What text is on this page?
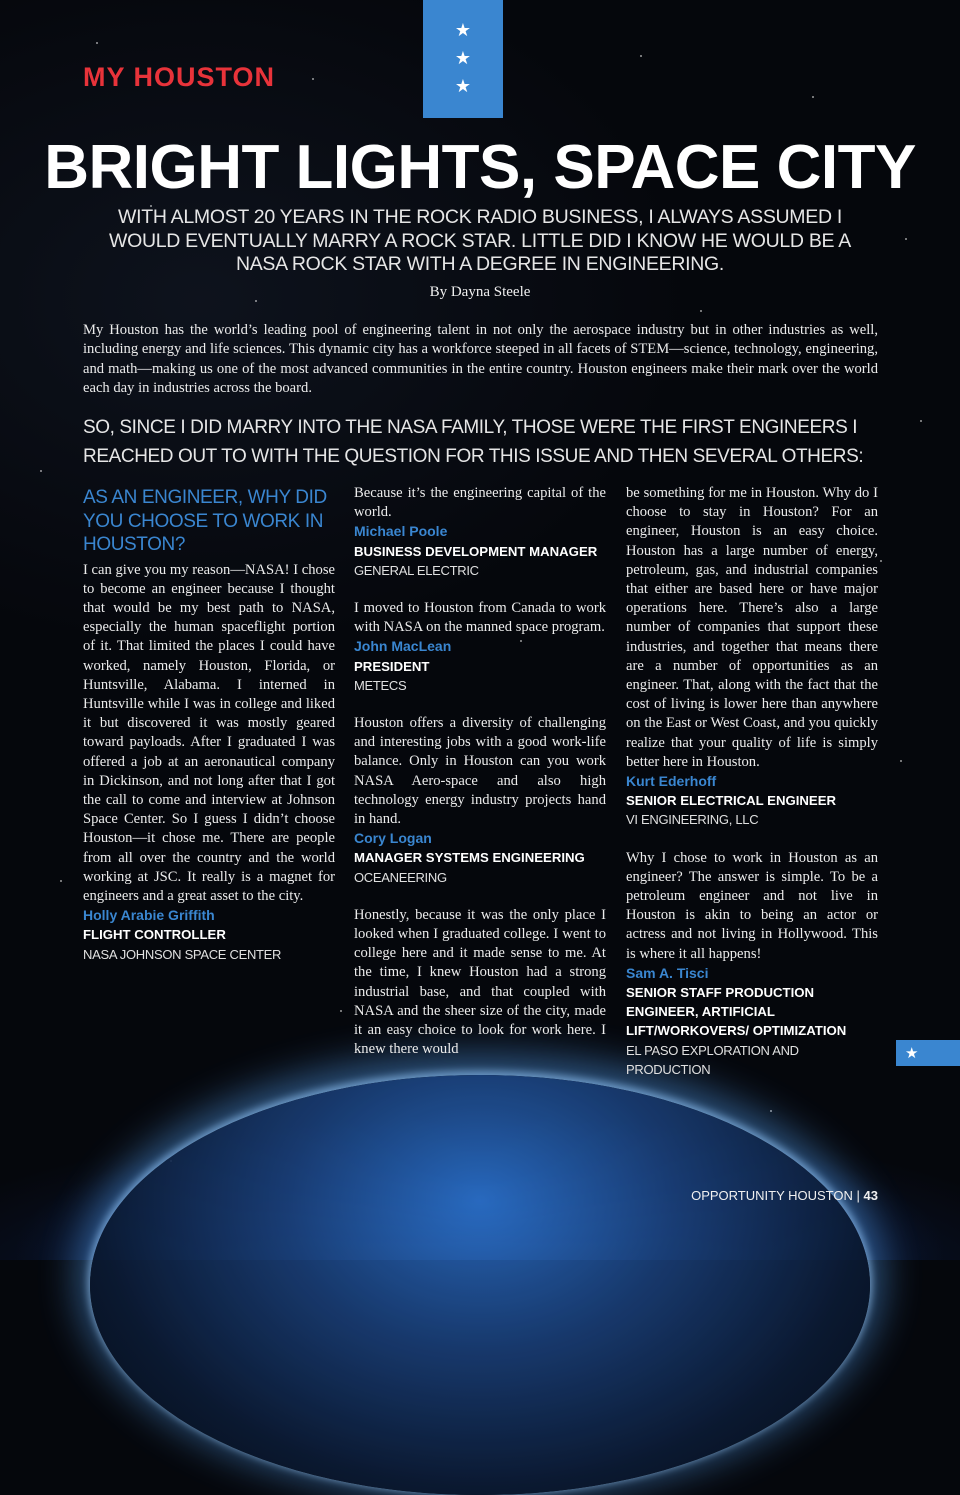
★
★
★
MY HOUSTON
BRIGHT LIGHTS, SPACE CITY
WITH ALMOST 20 YEARS IN THE ROCK RADIO BUSINESS, I ALWAYS ASSUMED I WOULD EVENTUALLY MARRY A ROCK STAR. LITTLE DID I KNOW HE WOULD BE A NASA ROCK STAR WITH A DEGREE IN ENGINEERING.
By Dayna Steele
My Houston has the world’s leading pool of engineering talent in not only the aerospace industry but in other industries as well, including energy and life sciences. This dynamic city has a workforce steeped in all facets of STEM—science, technology, engineering, and math—making us one of the most advanced communities in the entire country. Houston engineers make their mark over the world each day in industries across the board.
SO, SINCE I DID MARRY INTO THE NASA FAMILY, THOSE WERE THE FIRST ENGINEERS I REACHED OUT TO WITH THE QUESTION FOR THIS ISSUE AND THEN SEVERAL OTHERS:
AS AN ENGINEER, WHY DID YOU CHOOSE TO WORK IN HOUSTON?

I can give you my reason—NASA! I chose to become an engineer because I thought that would be my best path to NASA, especially the human spaceflight portion of it. That limited the places I could have worked, namely Houston, Florida, or Huntsville, Alabama. I interned in Huntsville while I was in college and liked it but discovered it was mostly geared toward payloads. After I graduated I was offered a job at an aeronautical company in Dickinson, and not long after that I got the call to come and interview at Johnson Space Center. So I guess I didn’t choose Houston—it chose me. There are people from all over the country and the world working at JSC. It really is a magnet for engineers and a great asset to the city.

Holly Arabie Griffith
FLIGHT CONTROLLER
NASA JOHNSON SPACE CENTER

Because it’s the engineering capital of the world.

Michael Poole
BUSINESS DEVELOPMENT MANAGER
GENERAL ELECTRIC

I moved to Houston from Canada to work with NASA on the manned space program.

John MacLean
PRESIDENT
METECS

Houston offers a diversity of challenging and interesting jobs with a good work-life balance. Only in Houston can you work NASA Aero-space and also high technology energy industry projects hand in hand.

Cory Logan
MANAGER SYSTEMS ENGINEERING
OCEANEERING

Honestly, because it was the only place I looked when I graduated college. I went to college here and it made sense to me. At the time, I knew Houston had a strong industrial base, and that coupled with NASA and the sheer size of the city, made it an easy choice to look for work here. I knew there would

be something for me in Houston. Why do I choose to stay in Houston? For an engineer, Houston is an easy choice. Houston has a large number of energy, petroleum, gas, and industrial companies that either are based here or have major operations here. There’s also a large number of companies that support these industries, and together that means there are a number of opportunities as an engineer. That, along with the fact that the cost of living is lower here than anywhere on the East or West Coast, and you quickly realize that your quality of life is simply better here in Houston.

Kurt Ederhoff
SENIOR ELECTRICAL ENGINEER
VI ENGINEERING, LLC

Why I chose to work in Houston as an engineer? The answer is simple. To be a petroleum engineer and not live in Houston is akin to being an actor or actress and not living in Hollywood. This is where it all happens!

Sam A. Tisci
SENIOR STAFF PRODUCTION ENGINEER, ARTIFICIAL LIFT/WORKOVERS/ OPTIMIZATION
EL PASO EXPLORATION AND PRODUCTION
★
OPPORTUNITY HOUSTON | 43
